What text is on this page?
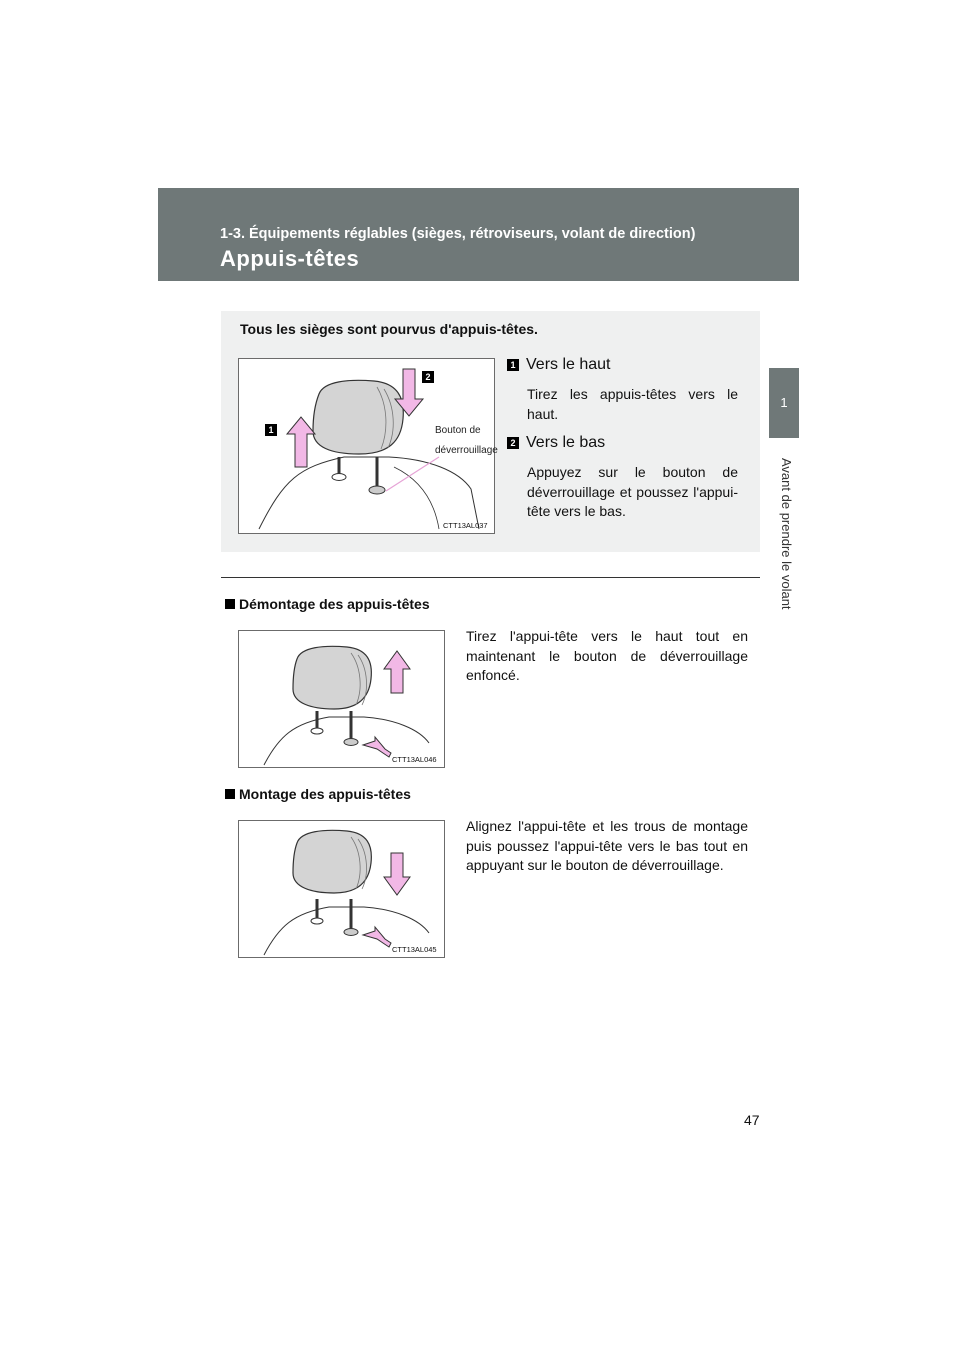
1-3. Équipements réglables (sièges, rétroviseurs, volant de direction)
Appuis-têtes
1
Avant de prendre le volant
Tous les sièges sont pourvus d'appuis-têtes.
1
2
Bouton de déverrouillage
CTT13AL037
1 Vers le haut
Tirez les appuis-têtes vers le haut.
2 Vers le bas
Appuyez sur le bouton de déverrouillage et poussez l'appui-tête vers le bas.
Démontage des appuis-têtes
CTT13AL046
Tirez l'appui-tête vers le haut tout en maintenant le bouton de déverrouillage enfoncé.
Montage des appuis-têtes
CTT13AL045
Alignez l'appui-tête et les trous de montage puis poussez l'appui-tête vers le bas tout en appuyant sur le bouton de déverrouillage.
47
